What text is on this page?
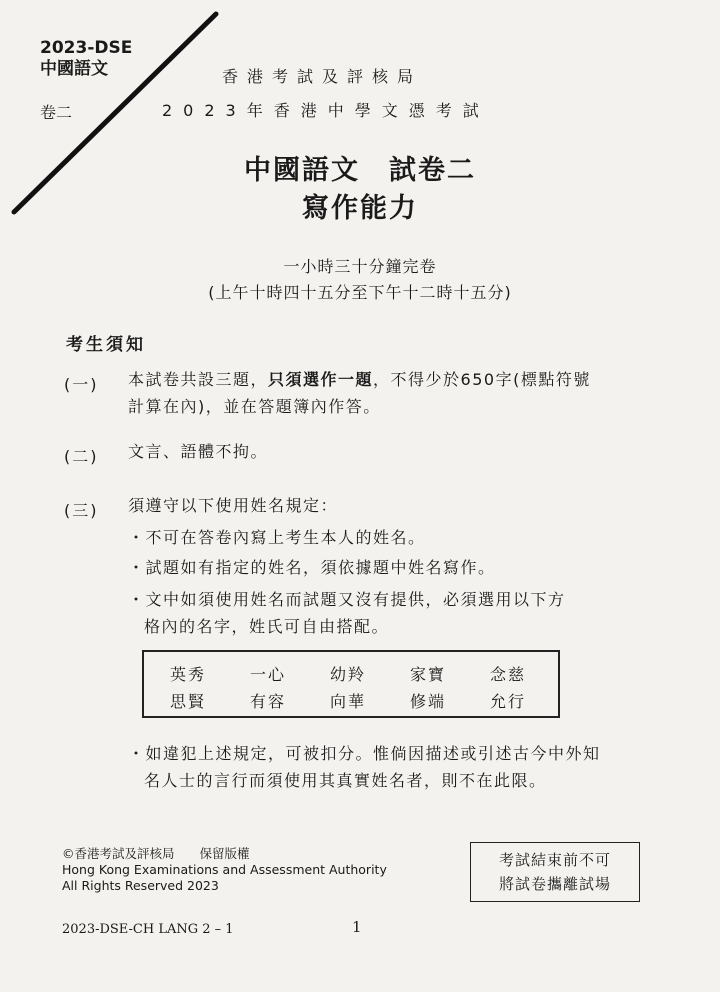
2023-DSE
中國語文
卷二
香港考試及評核局
2023年香港中學文憑考試
中國語文　試卷二
寫作能力
一小時三十分鐘完卷
(上午十時四十五分至下午十二時十五分)
考生須知
(一) 本試卷共設三題，只須選作一題，不得少於650字(標點符號
計算在內)，並在答題簿內作答。
(二) 文言、語體不拘。
(三) 須遵守以下使用姓名規定：
・不可在答卷內寫上考生本人的姓名。
・試題如有指定的姓名，須依據題中姓名寫作。
・文中如須使用姓名而試題又沒有提供，必須選用以下方
格內的名字，姓氏可自由搭配。
英秀	一心	幼羚	家寶	念慈
思賢	有容	向華	修端	允行
・如違犯上述規定，可被扣分。惟倘因描述或引述古今中外知
名人士的言行而須使用其真實姓名者，則不在此限。
©香港考試及評核局　　保留版權
Hong Kong Examinations and Assessment Authority
All Rights Reserved 2023
考試結束前不可
將試卷攜離試場
2023-DSE-CH LANG 2 – 1	1
